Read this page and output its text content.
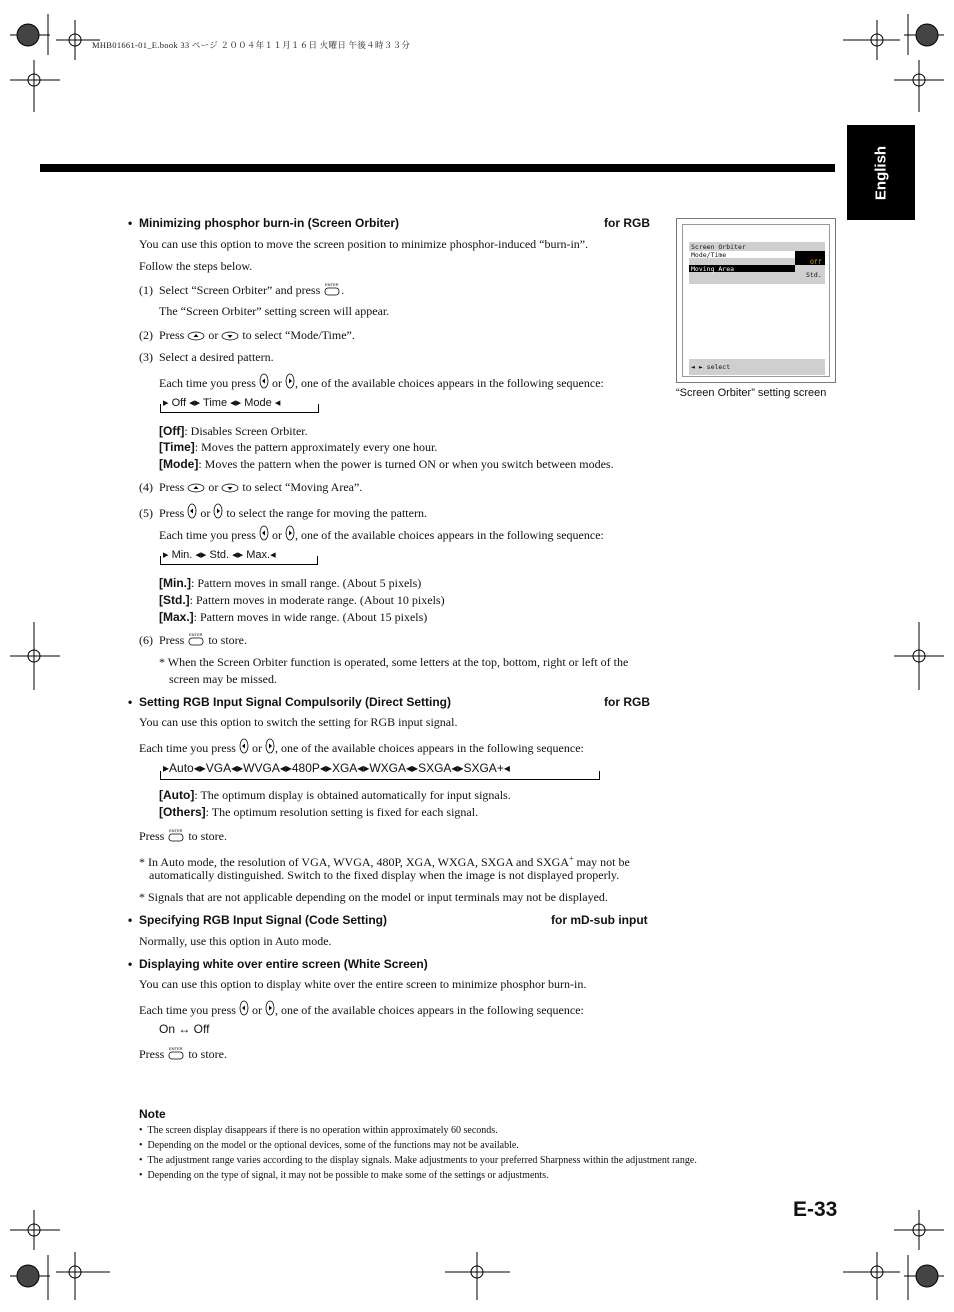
MHB01661-01_E.book 33 ページ ２００４年１１月１６日 火曜日 午後４時３３分
English
• Minimizing phosphor burn-in (Screen Orbiter)	for RGB
You can use this option to move the screen position to minimize phosphor-induced “burn-in”.
Follow the steps below.
(1) Select “Screen Orbiter” and press ENTER .
The “Screen Orbiter” setting screen will appear.
(2) Press or to select “Mode/Time”.
(3) Select a desired pattern.
Each time you press or , one of the available choices appears in the following sequence:
▸ Off ◂▸ Time ◂▸ Mode ◂
[Off]: Disables Screen Orbiter.
[Time]: Moves the pattern approximately every one hour.
[Mode]: Moves the pattern when the power is turned ON or when you switch between modes.
(4) Press or to select “Moving Area”.
(5) Press or to select the range for moving the pattern.
Each time you press or , one of the available choices appears in the following sequence:
▸ Min. ◂▸ Std. ◂▸ Max.◂
[Min.]: Pattern moves in small range. (About 5 pixels)
[Std.]: Pattern moves in moderate range. (About 10 pixels)
[Max.]: Pattern moves in wide range. (About 15 pixels)
(6) Press ENTER to store.
* When the Screen Orbiter function is operated, some letters at the top, bottom, right or left of the
screen may be missed.
Screen Orbiter
Mode/Time
Off
Moving Area
Std.
◄ ► select
“Screen Orbiter” setting screen
• Setting RGB Input Signal Compulsorily (Direct Setting)	for RGB
You can use this option to switch the setting for RGB input signal.
Each time you press or , one of the available choices appears in the following sequence:
▸Auto◂▸VGA◂▸WVGA◂▸480P◂▸XGA◂▸WXGA◂▸SXGA◂▸SXGA+◂
[Auto]: The optimum display is obtained automatically for input signals.
[Others]: The optimum resolution setting is fixed for each signal.
Press ENTER to store.
* In Auto mode, the resolution of VGA, WVGA, 480P, XGA, WXGA, SXGA and SXGA+ may not be
automatically distinguished. Switch to the fixed display when the image is not displayed properly.
* Signals that are not applicable depending on the model or input terminals may not be displayed.
• Specifying RGB Input Signal (Code Setting)	for mD-sub input
Normally, use this option in Auto mode.
• Displaying white over entire screen (White Screen)
You can use this option to display white over the entire screen to minimize phosphor burn-in.
Each time you press or , one of the available choices appears in the following sequence:
On ↔ Off
Press ENTER to store.
Note
•  The screen display disappears if there is no operation within approximately 60 seconds.
•  Depending on the model or the optional devices, some of the functions may not be available.
•  The adjustment range varies according to the display signals. Make adjustments to your preferred Sharpness within the adjustment range.
•  Depending on the type of signal, it may not be possible to make some of the settings or adjustments.
E-33
